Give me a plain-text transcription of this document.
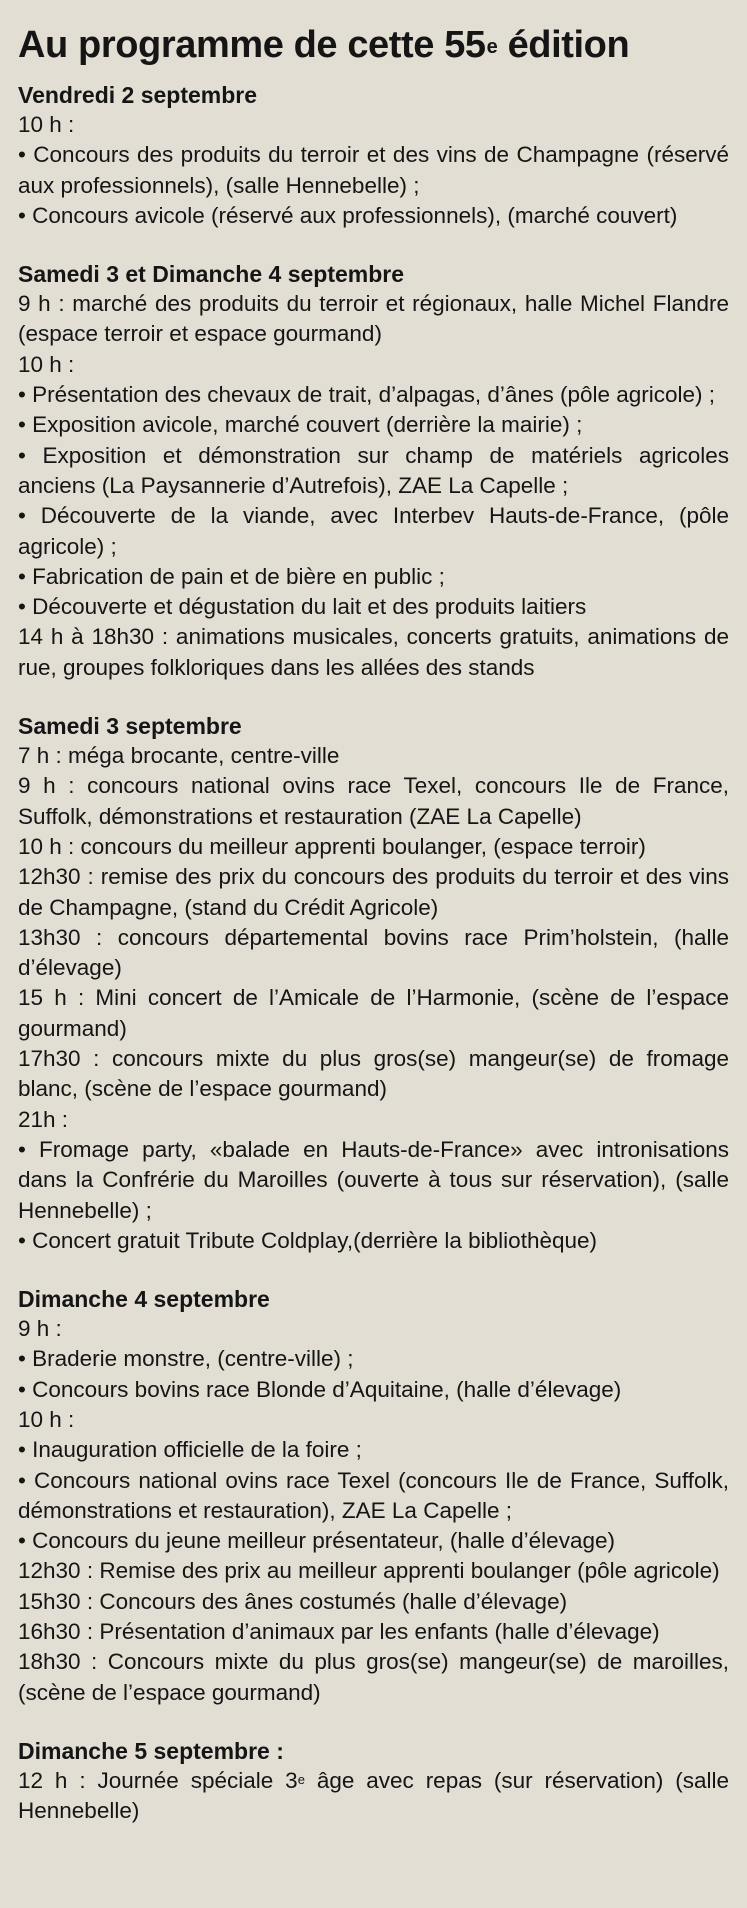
Au programme de cette 55e édition
Vendredi 2 septembre
10 h :
• Concours des produits du terroir et des vins de Champagne (réservé aux professionnels), (salle Hennebelle) ;
• Concours avicole (réservé aux professionnels), (marché couvert)
Samedi 3 et Dimanche 4 septembre
9 h : marché des produits du terroir et régionaux, halle Michel Flandre (espace terroir et espace gourmand)
10 h :
• Présentation des chevaux de trait, d’alpagas, d’ânes (pôle agricole) ;
• Exposition avicole, marché couvert (derrière la mairie) ;
• Exposition et démonstration sur champ de matériels agricoles anciens (La Paysannerie d’Autrefois), ZAE La Capelle ;
• Découverte de la viande, avec Interbev Hauts-de-France, (pôle agricole) ;
• Fabrication de pain et de bière en public ;
• Découverte et dégustation du lait et des produits laitiers
14 h à 18h30 : animations musicales, concerts gratuits, animations de rue, groupes folkloriques dans les allées des stands
Samedi 3 septembre
7 h : méga brocante, centre-ville
9 h : concours national ovins race Texel, concours Ile de France, Suffolk, démonstrations et restauration (ZAE La Capelle)
10 h : concours du meilleur apprenti boulanger, (espace terroir)
12h30 : remise des prix du concours des produits du terroir et des vins de Champagne, (stand du Crédit Agricole)
13h30 : concours départemental bovins race Prim’holstein, (halle d’élevage)
15 h : Mini concert de l’Amicale de l’Harmonie, (scène de l’espace gourmand)
17h30 : concours mixte du plus gros(se) mangeur(se) de fromage blanc, (scène de l’espace gourmand)
21h :
• Fromage party, «balade en Hauts-de-France» avec intronisations dans la Confrérie du Maroilles (ouverte à tous sur réservation), (salle Hennebelle) ;
• Concert gratuit Tribute Coldplay,(derrière la bibliothèque)
Dimanche 4 septembre
9 h :
• Braderie monstre, (centre-ville) ;
• Concours bovins race Blonde d’Aquitaine, (halle d’élevage)
10 h :
• Inauguration officielle de la foire ;
• Concours national ovins race Texel (concours Ile de France, Suffolk, démonstrations et restauration), ZAE La Capelle ;
• Concours du jeune meilleur présentateur, (halle d’élevage)
12h30 : Remise des prix au meilleur apprenti boulanger (pôle agricole)
15h30 : Concours des ânes costumés (halle d’élevage)
16h30 : Présentation d’animaux par les enfants (halle d’élevage)
18h30 : Concours mixte du plus gros(se) mangeur(se) de maroilles, (scène de l’espace gourmand)
Dimanche 5 septembre :
12 h : Journée spéciale 3e âge avec repas (sur réservation) (salle Hennebelle)
